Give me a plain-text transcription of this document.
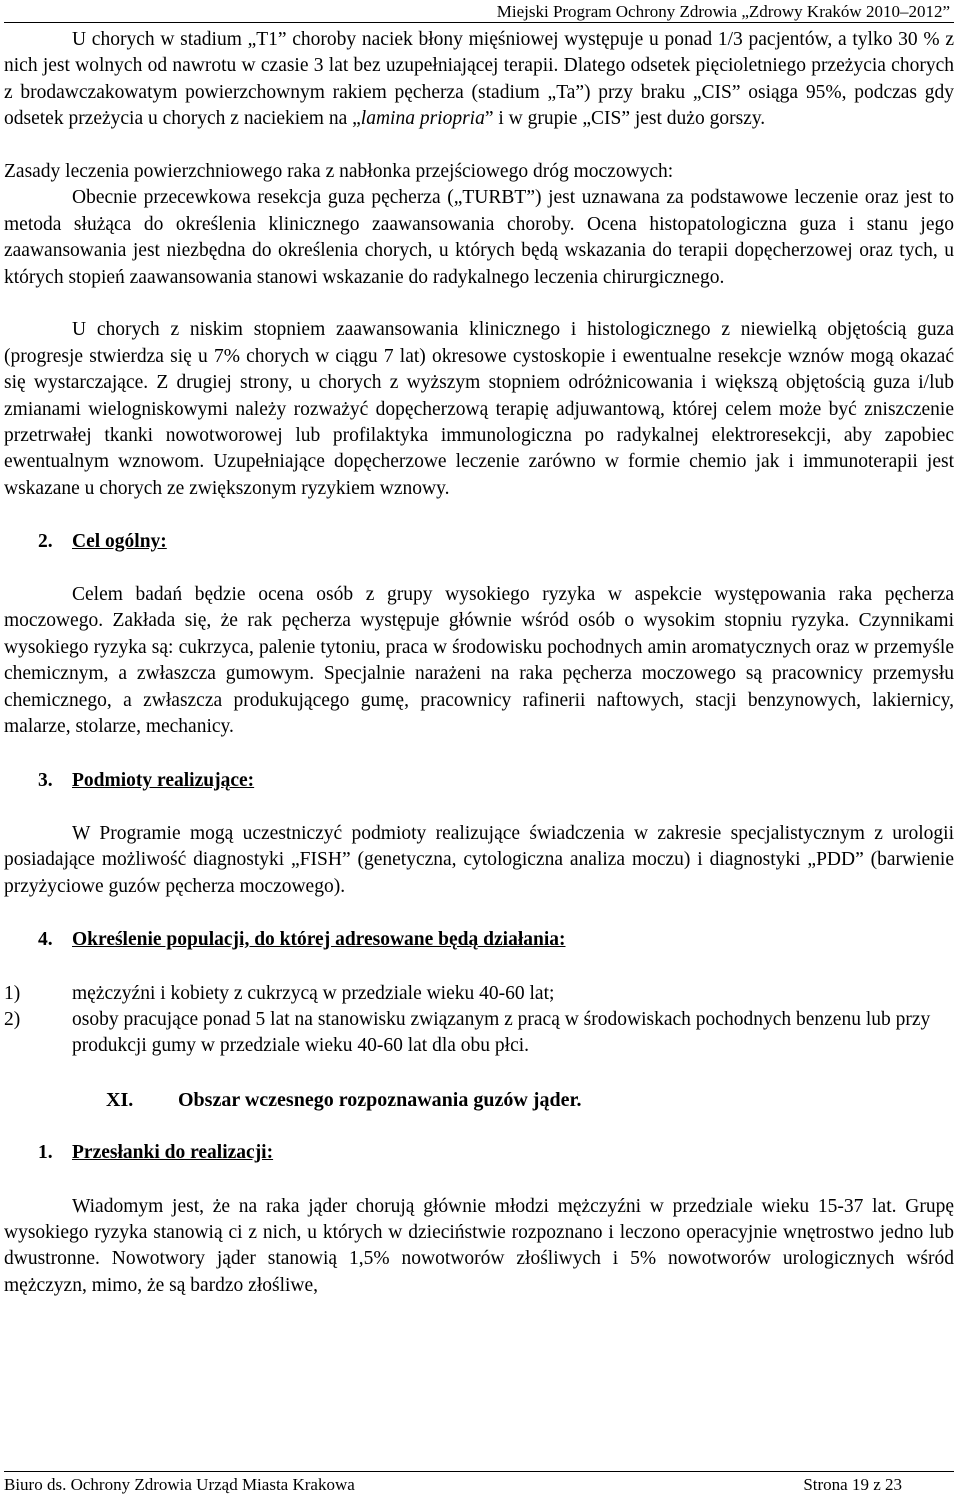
Miejski Program Ochrony Zdrowia „Zdrowy Kraków 2010–2012”

U chorych w stadium „T1” choroby naciek błony mięśniowej występuje u ponad 1/3 pacjentów, a tylko 30 % z nich jest wolnych od nawrotu w czasie 3 lat bez uzupełniającej terapii. Dlatego odsetek pięcioletniego przeżycia chorych z brodawczakowatym powierzchownym rakiem pęcherza (stadium „Ta”) przy braku „CIS” osiąga 95%, podczas gdy odsetek przeżycia u chorych z naciekiem na „lamina priopria” i w grupie „CIS” jest dużo gorszy.

Zasady leczenia powierzchniowego raka z nabłonka przejściowego dróg moczowych:

Obecnie przecewkowa resekcja guza pęcherza („TURBT”) jest uznawana za podstawowe leczenie oraz jest to metoda służąca do określenia klinicznego zaawansowania choroby. Ocena histopatologiczna guza i stanu jego zaawansowania jest niezbędna do określenia chorych, u których będą wskazania do terapii dopęcherzowej oraz tych, u których stopień zaawansowania stanowi wskazanie do radykalnego leczenia chirurgicznego.

U chorych z niskim stopniem zaawansowania klinicznego i histologicznego z niewielką objętością guza (progresje stwierdza się u 7% chorych w ciągu 7 lat) okresowe cystoskopie i ewentualne resekcje wznów mogą okazać się wystarczające. Z drugiej strony, u chorych z wyższym stopniem odróżnicowania i większą objętością guza i/lub zmianami wielogniskowymi należy rozważyć dopęcherzową terapię adjuwantową, której celem może być zniszczenie przetrwałej tkanki nowotworowej lub profilaktyka immunologiczna po radykalnej elektroresekcji, aby zapobiec ewentualnym wznowom. Uzupełniające dopęcherzowe leczenie zarówno w formie chemio jak i immunoterapii jest wskazane u chorych ze zwiększonym ryzykiem wznowy.

2. Cel ogólny:

Celem badań będzie ocena osób z grupy wysokiego ryzyka w aspekcie występowania raka pęcherza moczowego. Zakłada się, że rak pęcherza występuje głównie wśród osób o wysokim stopniu ryzyka. Czynnikami wysokiego ryzyka są: cukrzyca, palenie tytoniu, praca w środowisku pochodnych amin aromatycznych oraz w przemyśle chemicznym, a zwłaszcza gumowym. Specjalnie narażeni na raka pęcherza moczowego są pracownicy przemysłu chemicznego, a zwłaszcza produkującego gumę, pracownicy rafinerii naftowych, stacji benzynowych, lakiernicy, malarze, stolarze, mechanicy.

3. Podmioty realizujące:

W Programie mogą uczestniczyć podmioty realizujące świadczenia w zakresie specjalistycznym z urologii posiadające możliwość diagnostyki „FISH” (genetyczna, cytologiczna analiza moczu) i diagnostyki „PDD” (barwienie przyżyciowe guzów pęcherza moczowego).

4. Określenie populacji, do której adresowane będą działania:
1)	mężczyźni i kobiety z cukrzycą w przedziale wieku 40-60 lat;
2)	osoby pracujące ponad 5 lat na stanowisku związanym z pracą w środowiskach pochodnych benzenu lub przy produkcji gumy w przedziale wieku 40-60 lat dla obu płci.
XI.	Obszar wczesnego rozpoznawania guzów jąder.
1. Przesłanki do realizacji:

Wiadomym jest, że na raka jąder chorują głównie młodzi mężczyźni w przedziale wieku 15-37 lat. Grupę wysokiego ryzyka stanowią ci z nich, u których w dzieciństwie rozpoznano i leczono operacyjnie wnętrostwo jedno lub dwustronne. Nowotwory jąder stanowią 1,5% nowotworów złośliwych i 5% nowotworów urologicznych wśród mężczyzn, mimo, że są bardzo złośliwe,

Biuro ds. Ochrony Zdrowia Urząd Miasta Krakowa	Strona 19 z 23
